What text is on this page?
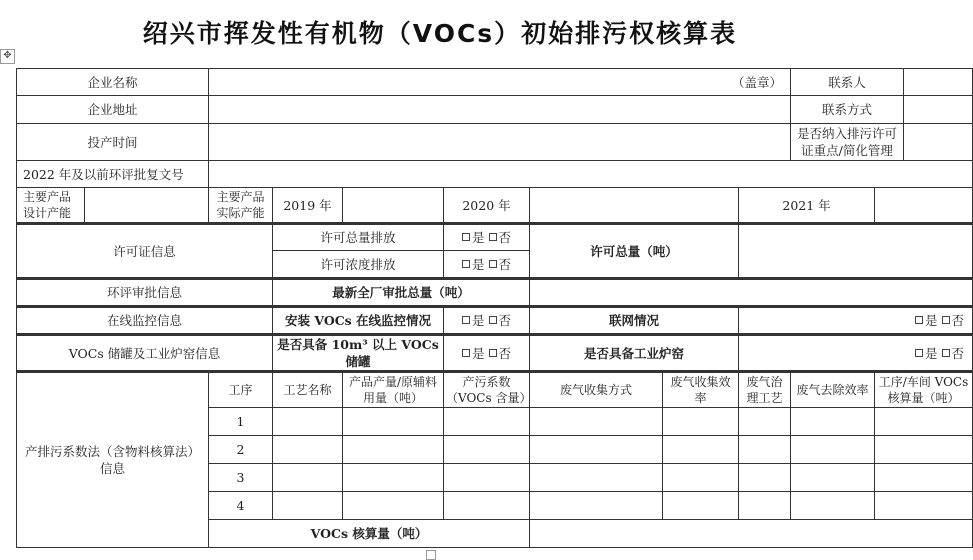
绍兴市挥发性有机物（VOCs）初始排污权核算表
✥
企业名称		（盖章）							联系人		
企业地址									联系方式		
投产时间									是否纳入排污许可证重点/简化管理		
2022 年及以前环评批复文号											
主要产品设计产能		主要产品实际产能	2019 年		2020 年			2021 年			
许可证信息			许可总量排放		是 否	许可总量（吨）					
			许可浓度排放		是 否						
环评审批信息			最新全厂审批总量（吨）								
在线监控信息			安装 VOCs 在线监控情况		是 否	联网情况		是 否			
VOCs 储罐及工业炉窑信息			是否具备 10m³ 以上 VOCs 储罐		是 否	是否具备工业炉窑		是 否			
产排污系数法（含物料核算法）信息		工序	工艺名称	产品产量/原辅料用量（吨）	产污系数（VOCs 含量）	废气收集方式	废气收集效率	废气治理工艺	废气去除效率	工序/车间 VOCs 核算量（吨）	
		1									
		2									
		3									
		4									
		VOCs 核算量（吨）									
